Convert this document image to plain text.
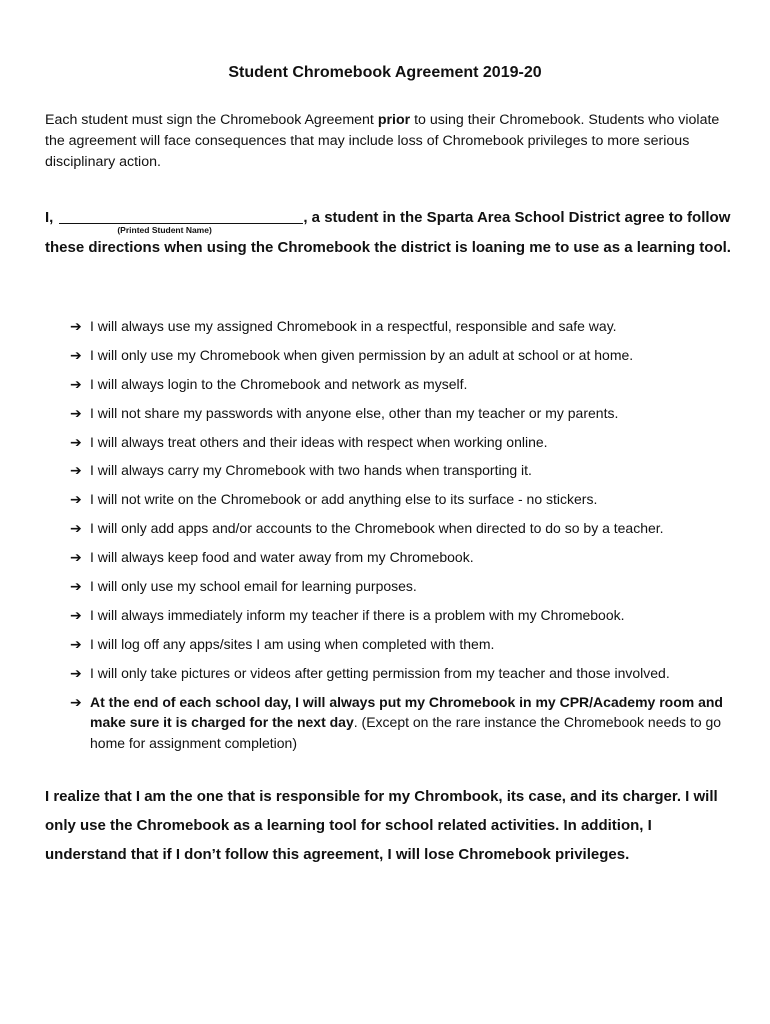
Student Chromebook Agreement 2019-20
Each student must sign the Chromebook Agreement prior to using their Chromebook. Students who violate the agreement will face consequences that may include loss of Chromebook privileges to more serious disciplinary action.
I,
(Printed Student Name)
, a student in the Sparta Area School District agree to follow these directions when using the Chromebook the district is loaning me to use as a learning tool.
➔ I will always use my assigned Chromebook in a respectful, responsible and safe way.
➔ I will only use my Chromebook when given permission by an adult at school or at home.
➔ I will always login to the Chromebook and network as myself.
➔ I will not share my passwords with anyone else, other than my teacher or my parents.
➔ I will always treat others and their ideas with respect when working online.
➔ I will always carry my Chromebook with two hands when transporting it.
➔ I will not write on the Chromebook or add anything else to its surface - no stickers.
➔ I will only add apps and/or accounts to the Chromebook when directed to do so by a teacher.
➔ I will always keep food and water away from my Chromebook.
➔ I will only use my school email for learning purposes.
➔ I will always immediately inform my teacher if there is a problem with my Chromebook.
➔ I will log off any apps/sites I am using when completed with them.
➔ I will only take pictures or videos after getting permission from my teacher and those involved.
➔ At the end of each school day, I will always put my Chromebook in my CPR/Academy room and make sure it is charged for the next day. (Except on the rare instance the Chromebook needs to go home for assignment completion)
I realize that I am the one that is responsible for my Chrombook, its case, and its charger. I will only use the Chromebook as a learning tool for school related activities. In addition, I understand that if I don’t follow this agreement, I will lose Chromebook privileges.
